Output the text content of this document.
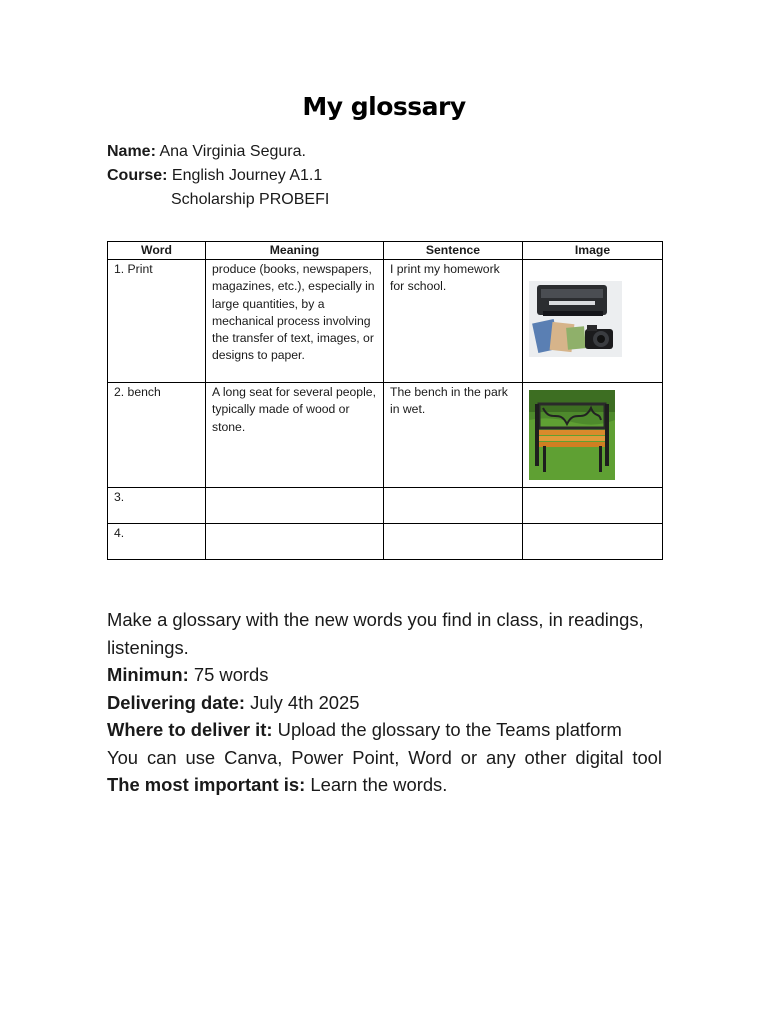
My glossary
Name: Ana Virginia Segura.
Course: English Journey A1.1
Scholarship PROBEFI
Word	Meaning	Sentence	Image
1. Print	produce (books, newspapers, magazines, etc.), especially in large quantities, by a mechanical process involving the transfer of text, images, or designs to paper.	I print my homework for school.	
2. bench	A long seat for several people, typically made of wood or stone.	The bench in the park in wet.	
3.			
4.			
Make a glossary with the new words you find in class, in readings, listenings.
Minimun: 75 words
Delivering date: July 4th 2025
Where to deliver it: Upload the glossary to the Teams platform
You can use Canva, Power Point, Word or any other digital tool
The most important is: Learn the words.
